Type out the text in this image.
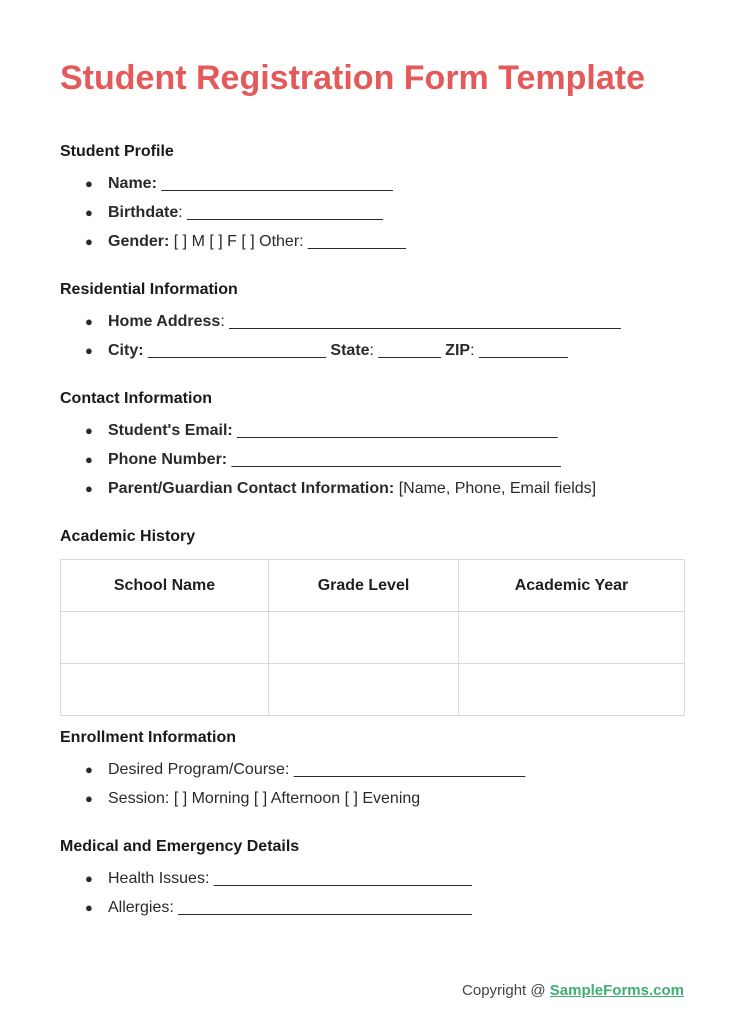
Student Registration Form Template
Student Profile
● Name: __________________________
● Birthdate: ______________________
● Gender: [ ] M [ ] F [ ] Other: ___________
Residential Information
● Home Address: ____________________________________________
● City: ____________________ State: _______ ZIP: __________
Contact Information
● Student's Email: ____________________________________
● Phone Number: _____________________________________
● Parent/Guardian Contact Information: [Name, Phone, Email fields]
Academic History
School Name	Grade Level	Academic Year

Enrollment Information
● Desired Program/Course: __________________________
● Session: [ ] Morning [ ] Afternoon [ ] Evening
Medical and Emergency Details
● Health Issues: _____________________________
● Allergies: _________________________________
Copyright @ SampleForms.com
